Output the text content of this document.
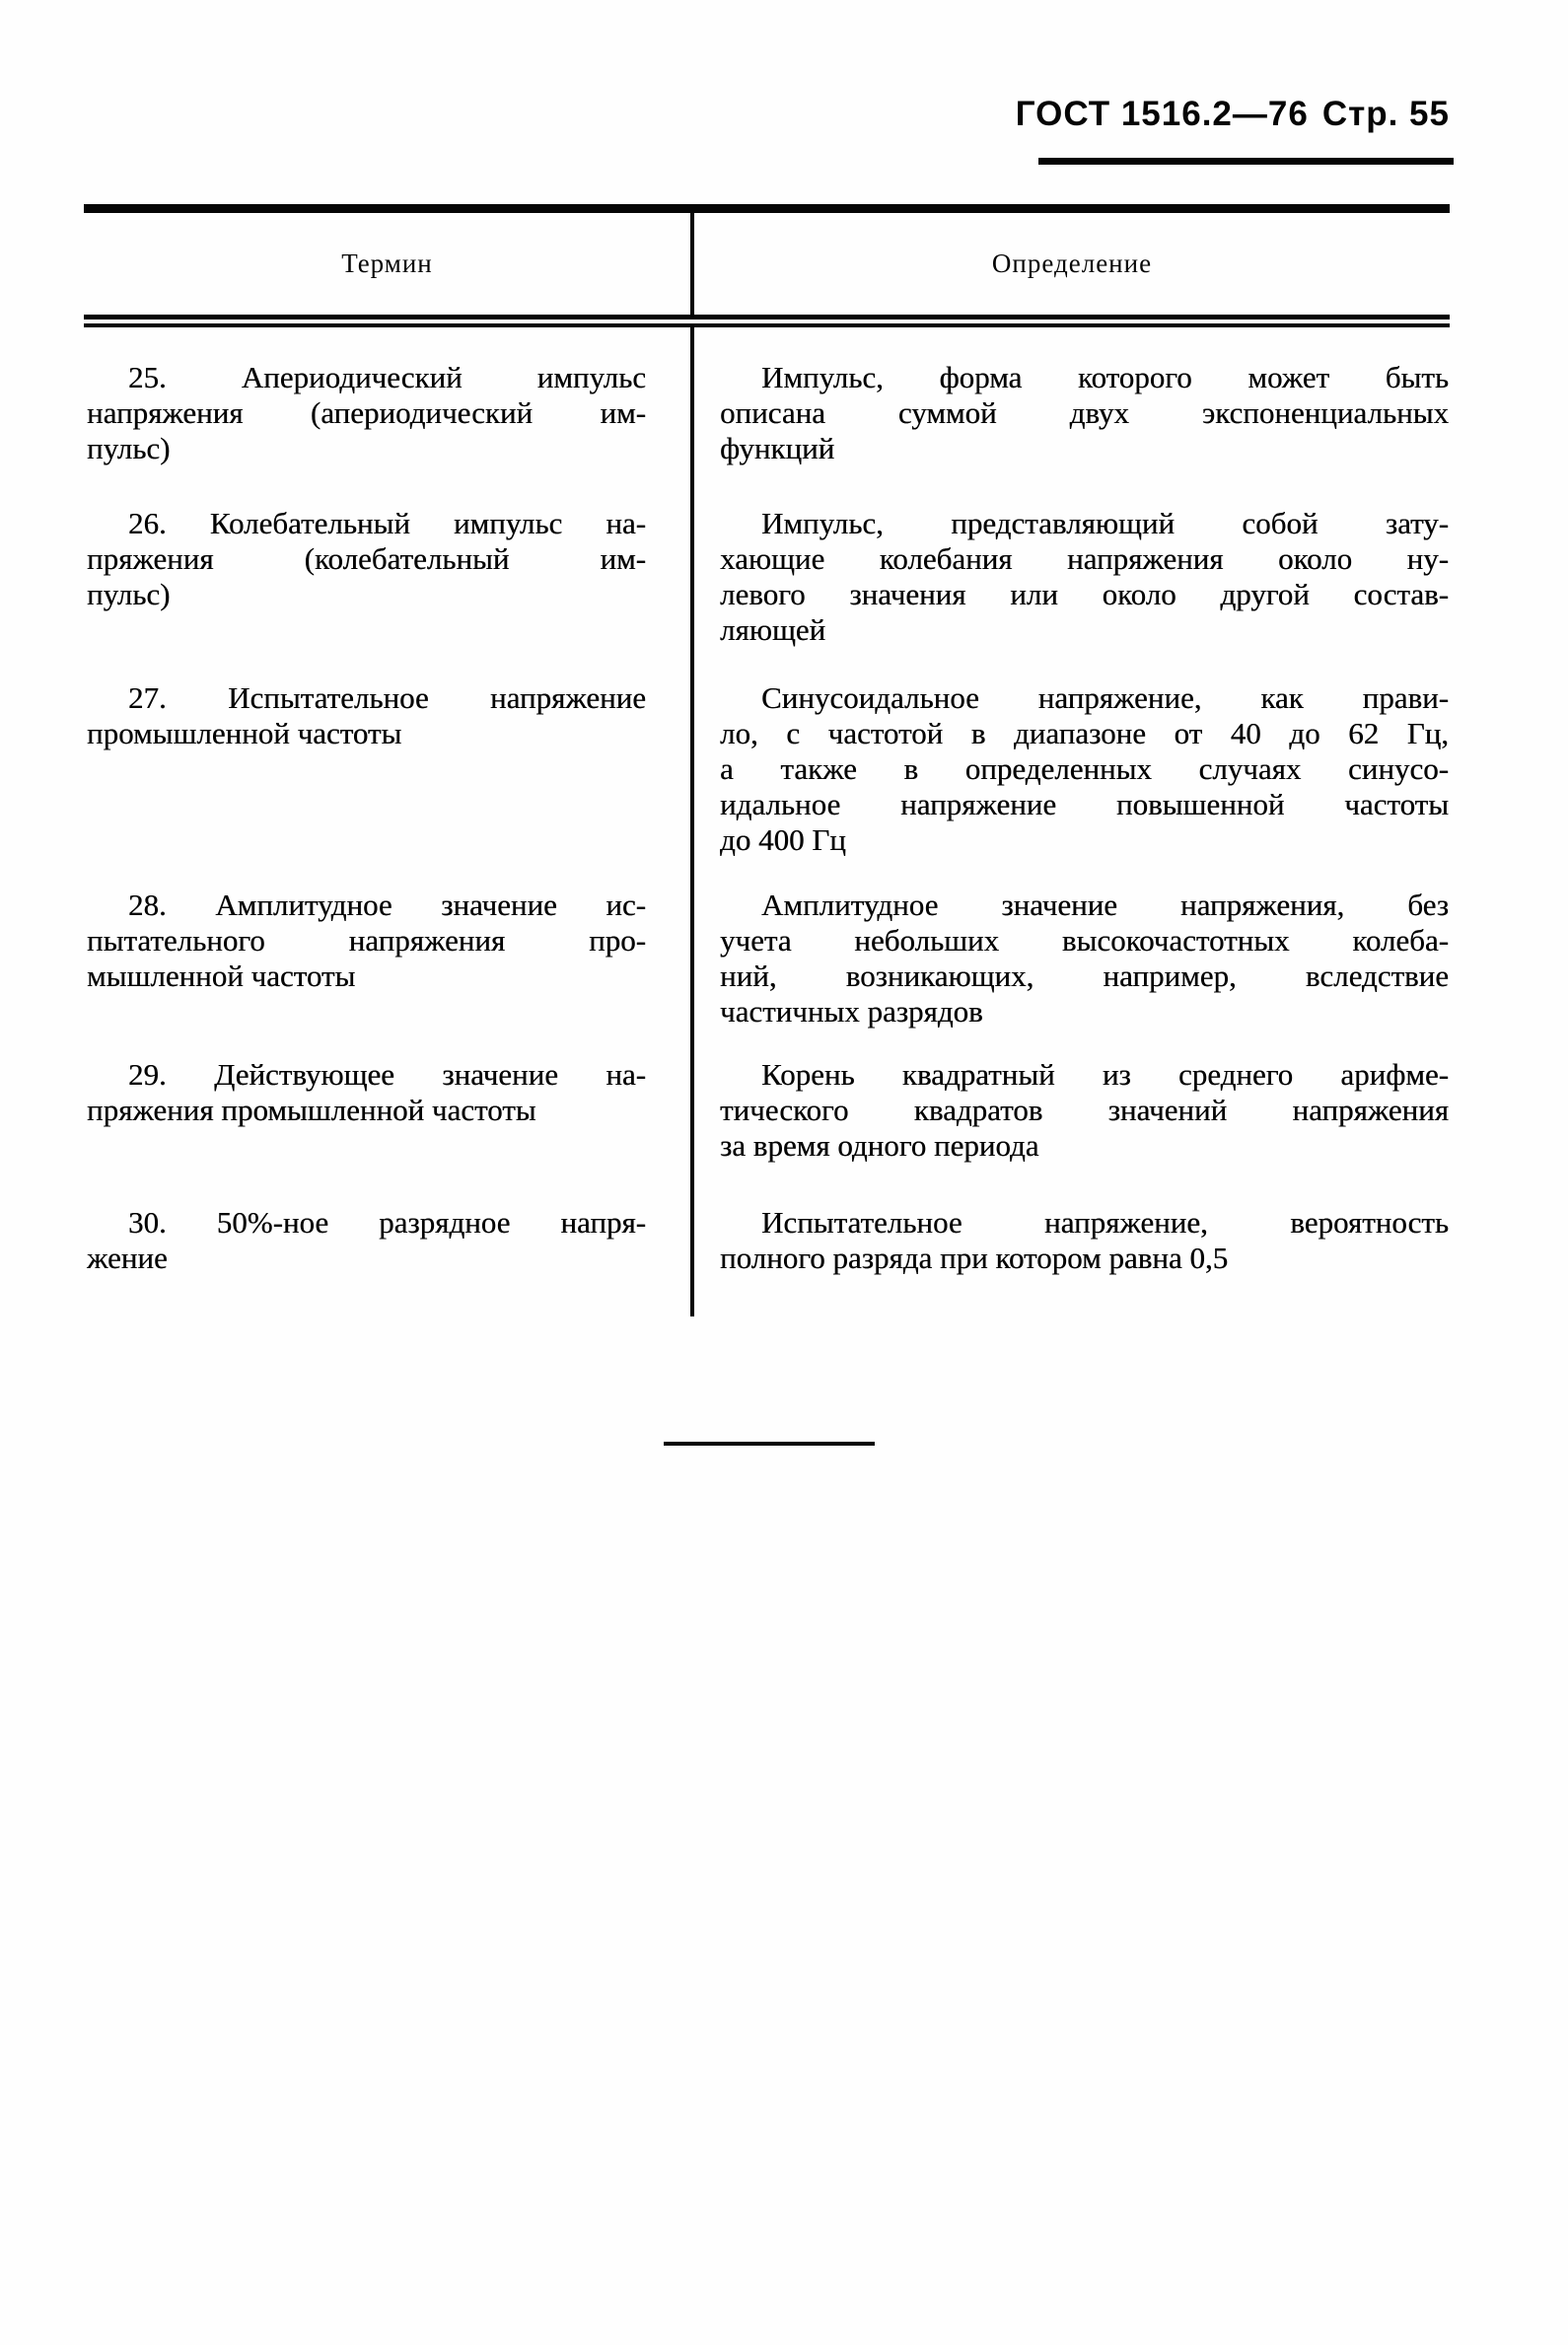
ГОСТ 1516.2—76 Стр. 55
Термин	Определение
25. Апериодический импульс
напряжения (апериодический им-
пульс)
Импульс, форма которого может быть
описана суммой двух экспоненциальных
функций
26. Колебательный импульс на-
пряжения (колебательный им-
пульс)
Импульс, представляющий собой зату-
хающие колебания напряжения около ну-
левого значения или около другой состав-
ляющей
27. Испытательное напряжение
промышленной частоты
Синусоидальное напряжение, как прави-
ло, с частотой в диапазоне от 40 до 62 Гц,
а также в определенных случаях синусо-
идальное напряжение повышенной частоты
до 400 Гц
28. Амплитудное значение ис-
пытательного напряжения про-
мышленной частоты
Амплитудное значение напряжения, без
учета небольших высокочастотных колеба-
ний, возникающих, например, вследствие
частичных разрядов
29. Действующее значение на-
пряжения промышленной частоты
Корень квадратный из среднего арифме-
тического квадратов значений напряжения
за время одного периода
30. 50%-ное разрядное напря-
жение
Испытательное напряжение, вероятность
полного разряда при котором равна 0,5
